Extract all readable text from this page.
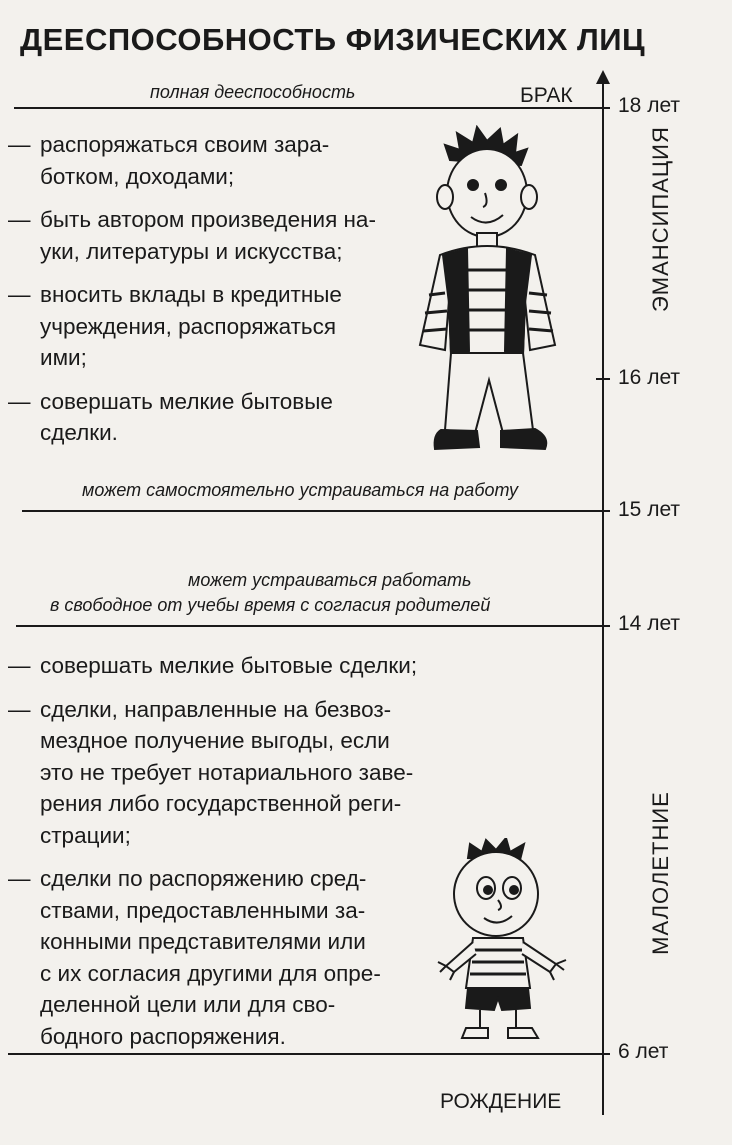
ДЕЕСПОСОБНОСТЬ ФИЗИЧЕСКИХ ЛИЦ
полная дееспособность	БРАК 18 лет
ЭМАНСИПАЦИЯ
— распоряжаться своим зара-
ботком, доходами;
— быть автором произведения на-
уки, литературы и искусства;
— вносить вклады в кредитные
учреждения, распоряжаться
ими;
— совершать мелкие бытовые
сделки.
16 лет
может самостоятельно устраиваться на работу
15 лет
может устраиваться работать
в свободное от учебы время с согласия родителей
14 лет
— совершать мелкие бытовые сделки;
— сделки, направленные на безвоз-
мездное получение выгоды, если
это не требует нотариального заве-
рения либо государственной реги-
страции;
— сделки по распоряжению сред-
ствами, предоставленными за-
конными представителями или
с их согласия другими для опре-
деленной цели или для сво-
бодного распоряжения.
МАЛОЛЕТНИЕ
6 лет
РОЖДЕНИЕ
